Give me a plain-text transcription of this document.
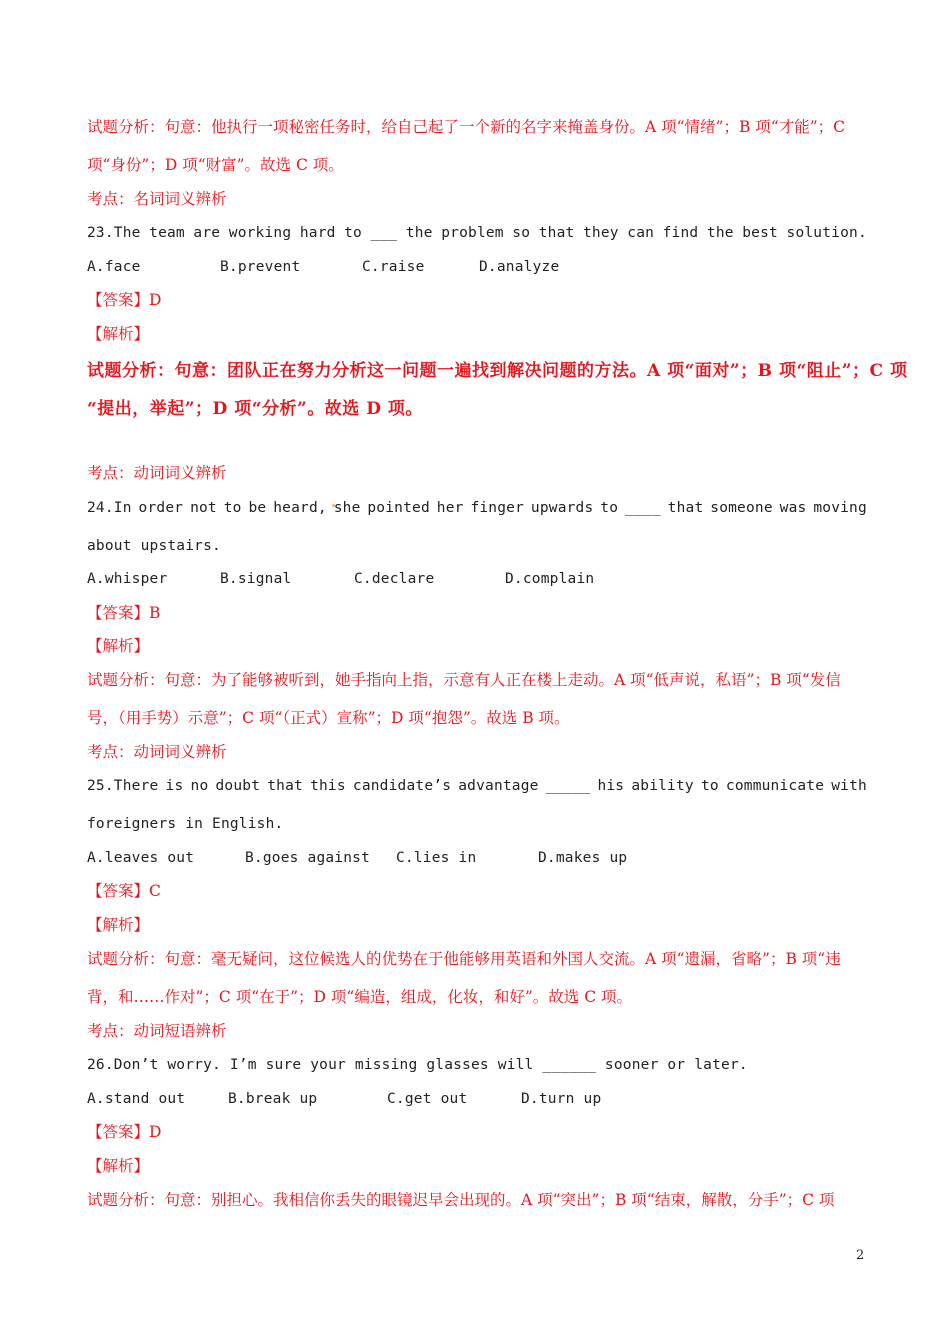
试题分析：句意：他执行一项秘密任务时，给自己起了一个新的名字来掩盖身份。A 项“情绪”；B 项“才能”；C
项“身份”；D 项“财富”。故选 C 项。
考点：名词词义辨析
23.The team are working hard to ___ the problem so that they can find the best solution.
A.face	B.prevent	C.raise	D.analyze
【答案】D
【解析】
试题分析：句意：团队正在努力分析这一问题一遍找到解决问题的方法。A 项“面对”；B 项“阻止”；C 项
“提出，举起”；D 项“分析”。故选 D 项。
考点：动词词义辨析
24.In order not to be heard, she pointed her finger upwards to ____ that someone was moving
about upstairs.
A.whisper	B.signal	C.declare	D.complain
【答案】B
【解析】
试题分析：句意：为了能够被听到，她手指向上指，示意有人正在楼上走动。A 项“低声说，私语”；B 项“发信
号，（用手势）示意”；C 项“（正式）宣称”；D 项“抱怨”。故选 B 项。
考点：动词词义辨析
25.There is no doubt that this candidate’s advantage _____ his ability to communicate with
foreigners in English.
A.leaves out	B.goes against C.lies in	D.makes up
【答案】C
【解析】
试题分析：句意：毫无疑问，这位候选人的优势在于他能够用英语和外国人交流。A 项“遗漏，省略”；B 项“违
背，和……作对”；C 项“在于”；D 项“编造，组成，化妆，和好”。故选 C 项。
考点：动词短语辨析
26.Don’t worry. I’m sure your missing glasses will ______ sooner or later.
A.stand out	B.break up	C.get out	D.turn up
【答案】D
【解析】
试题分析：句意：别担心。我相信你丢失的眼镜迟早会出现的。A 项“突出”；B 项“结束，解散，分手”；C 项
2
